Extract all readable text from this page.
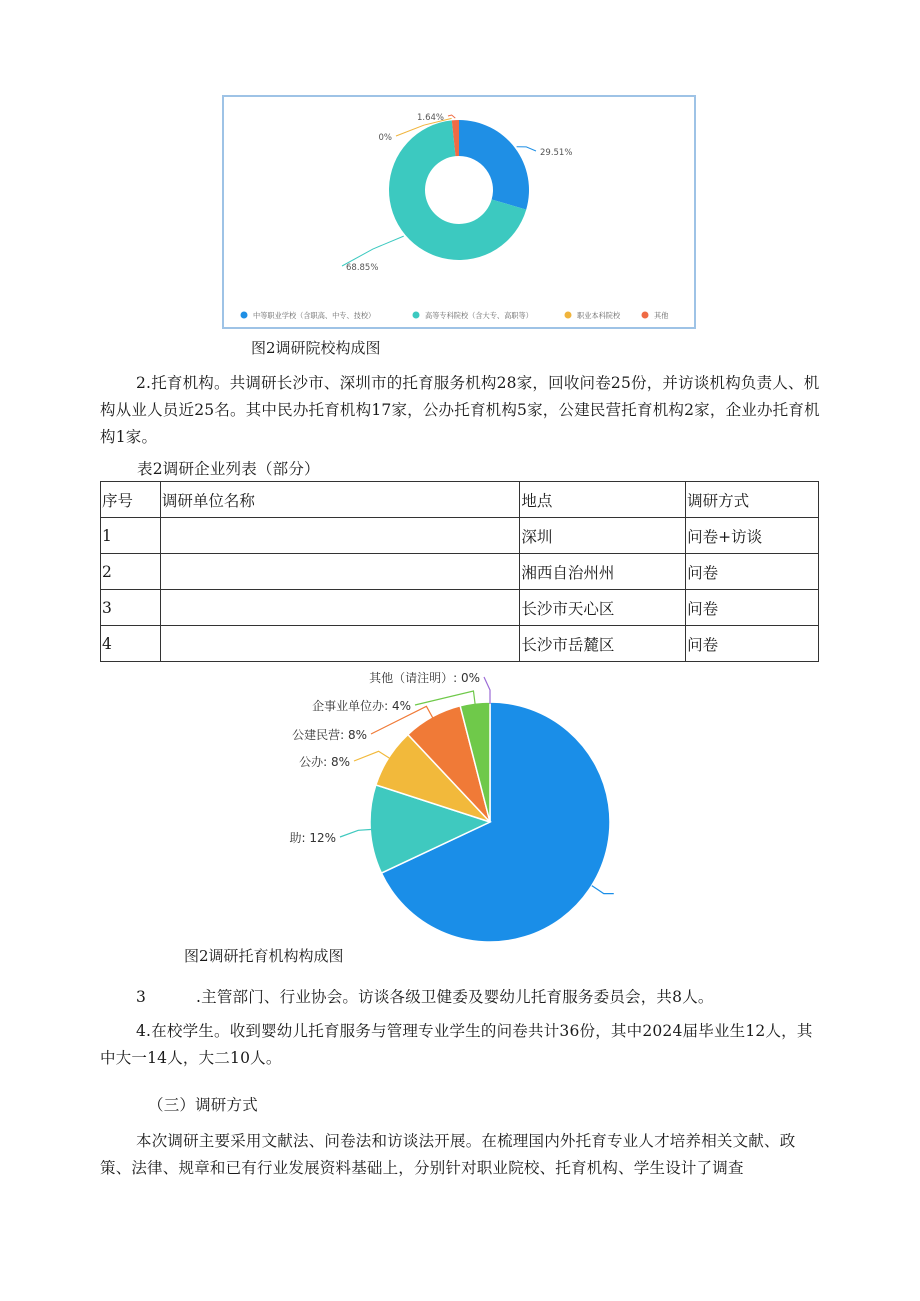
29.51%
68.85%
0%
1.64%
中等职业学校（含职高、中专、技校）	高等专科院校（含大专、高职等）	职业本科院校	其他
图2调研院校构成图
2.托育机构。共调研长沙市、深圳市的托育服务机构28家，回收问卷25份，并访谈机构负责人、机构从业人员近25名。其中民办托育机构17家，公办托育机构5家，公建民营托育机构2家，企业办托育机构1家。
表2调研企业列表（部分）
序号	调研单位名称	地点	调研方式
1		深圳	问卷+访谈
2		湘西自治州州	问卷
3		长沙市天心区	问卷
4		长沙市岳麓区	问卷
助: 12%
公办: 8%
公建民营: 8%
企事业单位办: 4%
其他（请注明）: 0%
图2调研托育机构构成图
3	.主管部门、行业协会。访谈各级卫健委及婴幼儿托育服务委员会，共8人。
4.在校学生。收到婴幼儿托育服务与管理专业学生的问卷共计36份，其中2024届毕业生12人，其中大一14人，大二10人。
（三）调研方式
本次调研主要采用文献法、问卷法和访谈法开展。在梳理国内外托育专业人才培养相关文献、政策、法律、规章和已有行业发展资料基础上，分别针对职业院校、托育机构、学生设计了调查
